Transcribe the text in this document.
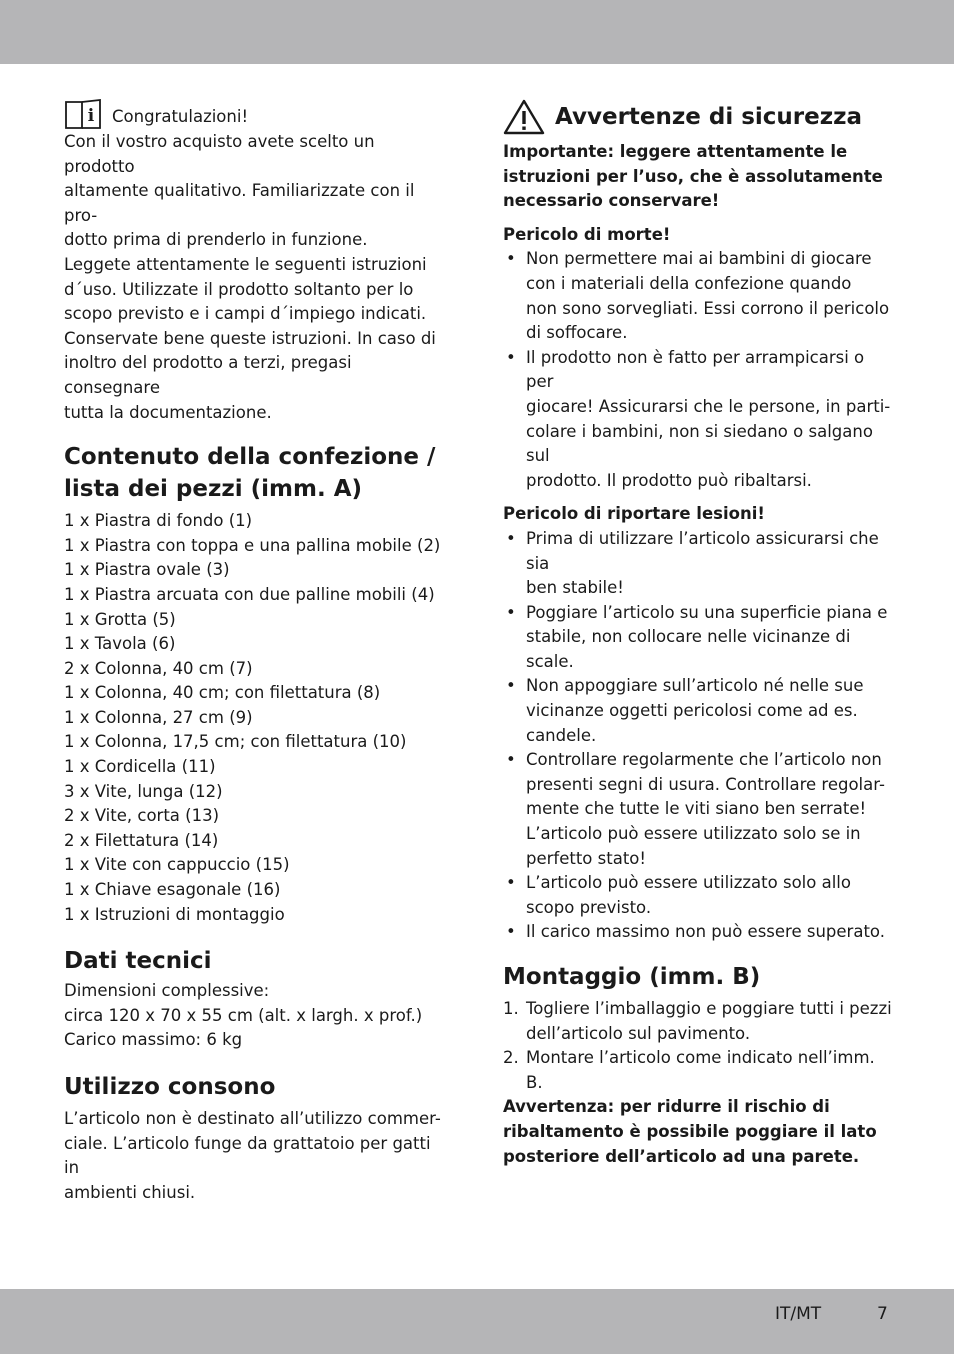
i Congratulazioni!

Con il vostro acquisto avete scelto un prodotto

altamente qualitativo. Familiarizzate con il pro-

dotto prima di prenderlo in funzione.

Leggete attentamente le seguenti istruzioni

d´uso. Utilizzate il prodotto soltanto per lo

scopo previsto e i campi d´impiego indicati.

Conservate bene queste istruzioni. In caso di

inoltro del prodotto a terzi, pregasi consegnare

tutta la documentazione.

Contenuto della confezione /
lista dei pezzi (imm. A)

1 x Piastra di fondo (1)

1 x Piastra con toppa e una pallina mobile (2)

1 x Piastra ovale (3)

1 x Piastra arcuata con due palline mobili (4)

1 x Grotta (5)

1 x Tavola (6)

2 x Colonna, 40 cm (7)

1 x Colonna, 40 cm; con filettatura (8)

1 x Colonna, 27 cm (9)

1 x Colonna, 17,5 cm; con filettatura (10)

1 x Cordicella (11)

3 x Vite, lunga (12)

2 x Vite, corta (13)

2 x Filettatura (14)

1 x Vite con cappuccio (15)

1 x Chiave esagonale (16)

1 x Istruzioni di montaggio

Dati tecnici

Dimensioni complessive:

circa 120 x 70 x 55 cm (alt. x largh. x prof.)

Carico massimo: 6 kg

Utilizzo consono

L’articolo non è destinato all’utilizzo commer-

ciale. L’articolo funge da grattatoio per gatti in

ambienti chiusi.

Avvertenze di sicurezza

Importante: leggere attentamente le

istruzioni per l’uso, che è assolutamente

necessario conservare!

Pericolo di morte!
• Non permettere mai ai bambini di giocare
con i materiali della confezione quando
non sono sorvegliati. Essi corrono il pericolo
di soffocare.
• Il prodotto non è fatto per arrampicarsi o per
giocare! Assicurarsi che le persone, in parti-
colare i bambini, non si siedano o salgano sul
prodotto. Il prodotto può ribaltarsi.
Pericolo di riportare lesioni!
• Prima di utilizzare l’articolo assicurarsi che sia
ben stabile!
• Poggiare l’articolo su una superficie piana e
stabile, non collocare nelle vicinanze di scale.
• Non appoggiare sull’articolo né nelle sue
vicinanze oggetti pericolosi come ad es.
candele.
• Controllare regolarmente che l’articolo non
presenti segni di usura. Controllare regolar-
mente che tutte le viti siano ben serrate!
L’articolo può essere utilizzato solo se in
perfetto stato!
• L’articolo può essere utilizzato solo allo
scopo previsto.
• Il carico massimo non può essere superato.
Montaggio (imm. B)
1. Togliere l’imballaggio e poggiare tutti i pezzi
dell’articolo sul pavimento.
2. Montare l’articolo come indicato nell’imm. B.

Avvertenza: per ridurre il rischio di

ribaltamento è possibile poggiare il lato

posteriore dell’articolo ad una parete.

IT/MT	7
